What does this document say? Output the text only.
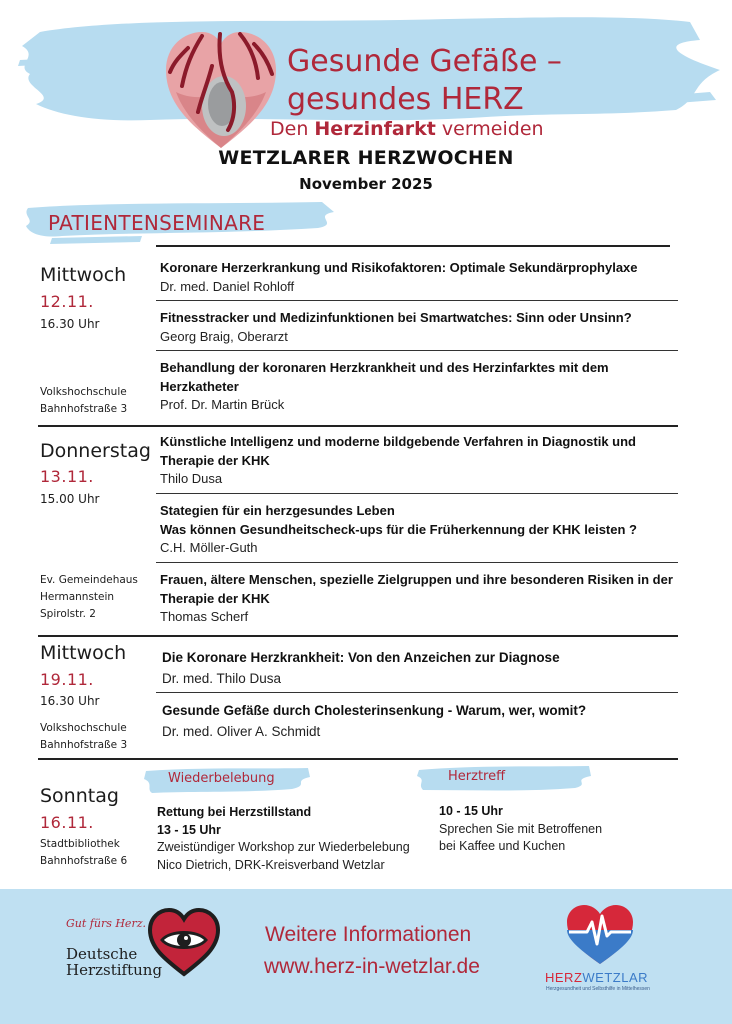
Gesunde Gefäße –
gesundes HERZ
Den Herzinfarkt vermeiden
WETZLARER HERZWOCHEN
November 2025
PATIENTENSEMINARE
Mittwoch
12.11.
16.30 Uhr
Volkshochschule
Bahnhofstraße 3
Koronare Herzerkrankung und Risikofaktoren: Optimale Sekundärprophylaxe
Dr. med. Daniel Rohloff
Fitnesstracker und Medizinfunktionen bei Smartwatches: Sinn oder Unsinn?
Georg Braig, Oberarzt
Behandlung der koronaren Herzkrankheit und des Herzinfarktes mit dem Herzkatheter
Prof. Dr. Martin Brück
Donnerstag
13.11.
15.00 Uhr
Ev. Gemeindehaus
Hermannstein
Spirolstr. 2
Künstliche Intelligenz und moderne bildgebende Verfahren in Diagnostik und Therapie der KHK
Thilo Dusa
Stategien für ein herzgesundes Leben
Was können Gesundheitscheck-ups für die Früherkennung der KHK leisten ?
C.H. Möller-Guth
Frauen, ältere Menschen, spezielle Zielgruppen und ihre besonderen Risiken in der Therapie der KHK
Thomas Scherf
Mittwoch
19.11.
16.30 Uhr
Volkshochschule
Bahnhofstraße 3
Die Koronare Herzkrankheit: Von den Anzeichen zur Diagnose
Dr. med. Thilo Dusa
Gesunde Gefäße durch Cholesterinsenkung - Warum, wer, womit?
Dr. med. Oliver A. Schmidt
Sonntag
16.11.
Stadtbibliothek
Bahnhofstraße 6
Wiederbelebung	Herztreff
Rettung bei Herzstillstand
13 - 15 Uhr
Zweistündiger Workshop zur Wiederbelebung
Nico Dietrich, DRK-Kreisverband Wetzlar
10 - 15 Uhr
Sprechen Sie mit Betroffenen
bei Kaffee und Kuchen
Gut fürs Herz.
Deutsche
Herzstiftung
Weitere Informationen
www.herz-in-wetzlar.de	HERZWETZLAR
Herzgesundheit und Selbsthilfe in Mittelhessen
